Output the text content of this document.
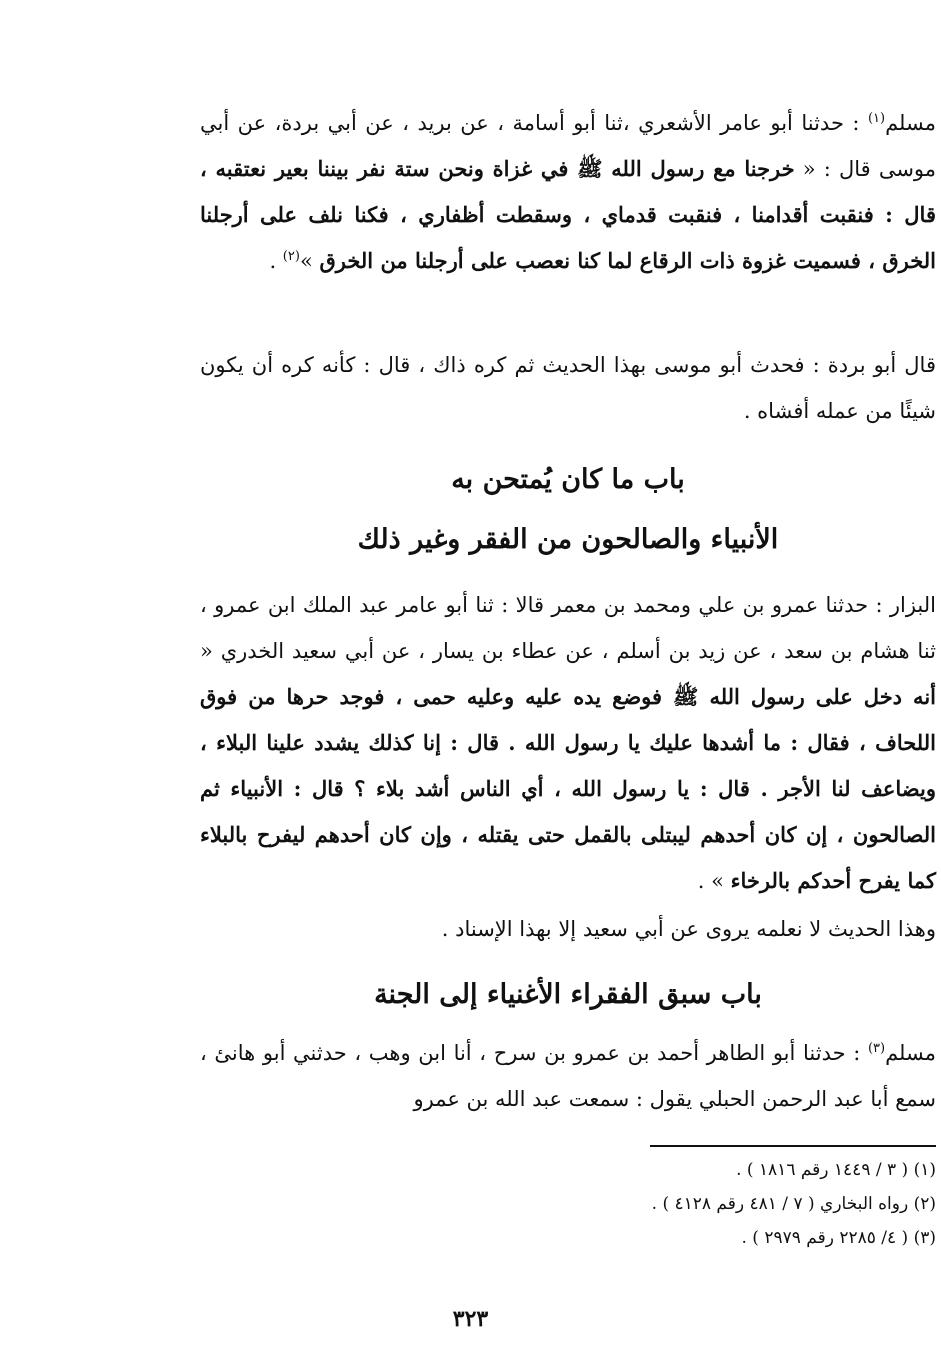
مسلم$^{(١)}$ : حدثنا أبو عامر الأشعري ،ثنا أبو أسامة ، عن بريد ، عن أبي بردة، عن أبي موسى قال : « خرجنا مع رسول الله ﷺ في غزاة ونحن ستة نفر بيننا بعير نعتقبه ، قال : فنقبت أقدامنا ، فنقبت قدماي ، وسقطت أظفاري ، فكنا نلف على أرجلنا الخرق ، فسميت غزوة ذات الرقاع لما كنا نعصب على أرجلنا من الخرق »$^{(٢)}$ .
قال أبو بردة : فحدث أبو موسى بهذا الحديث ثم كره ذاك ، قال : كأنه كره أن يكون شيئًا من عمله أفشاه .
باب ما كان يُمتحن به
الأنبياء والصالحون من الفقر وغير ذلك
البزار : حدثنا عمرو بن علي ومحمد بن معمر قالا : ثنا أبو عامر عبد الملك ابن عمرو ، ثنا هشام بن سعد ، عن زيد بن أسلم ، عن عطاء بن يسار ، عن أبي سعيد الخدري « أنه دخل على رسول الله ﷺ فوضع يده عليه وعليه حمى ، فوجد حرها من فوق اللحاف ، فقال : ما أشدها عليك يا رسول الله . قال : إنا كذلك يشدد علينا البلاء ، ويضاعف لنا الأجر . قال : يا رسول الله ، أي الناس أشد بلاء ؟ قال : الأنبياء ثم الصالحون ، إن كان أحدهم ليبتلى بالقمل حتى يقتله ، وإن كان أحدهم ليفرح بالبلاء كما يفرح أحدكم بالرخاء » .
وهذا الحديث لا نعلمه يروى عن أبي سعيد إلا بهذا الإسناد .
باب سبق الفقراء الأغنياء إلى الجنة
مسلم$^{(٣)}$ : حدثنا أبو الطاهر أحمد بن عمرو بن سرح ، أنا ابن وهب ، حدثني أبو هانئ ، سمع أبا عبد الرحمن الحبلي يقول : سمعت عبد الله بن عمرو
(١) ( ٣ / ١٤٤٩ رقم ١٨١٦ ) .
(٢) رواه البخاري ( ٧ / ٤٨١ رقم ٤١٢٨ ) .
(٣) ( ٤/ ٢٢٨٥ رقم ٢٩٧٩ ) .
٣٢٣
